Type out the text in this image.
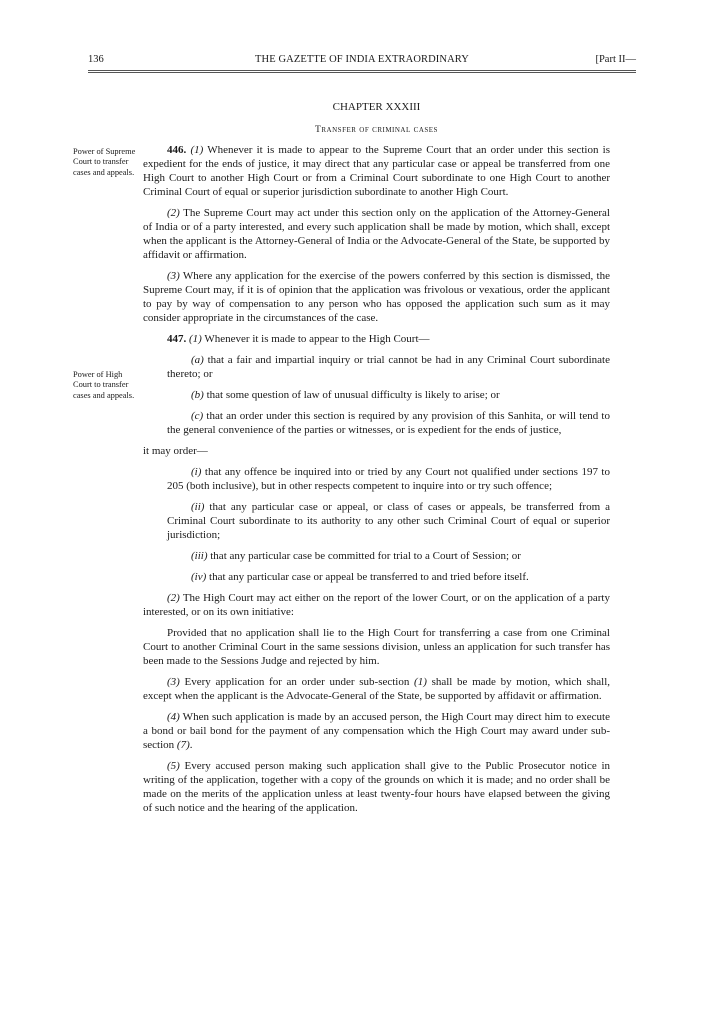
136	THE GAZETTE OF INDIA EXTRAORDINARY	[Part II—
CHAPTER XXXIII
Transfer of criminal cases
Power of Supreme Court to transfer cases and appeals.
Power of High Court to transfer cases and appeals.

446. (1) Whenever it is made to appear to the Supreme Court that an order under this section is expedient for the ends of justice, it may direct that any particular case or appeal be transferred from one High Court to another High Court or from a Criminal Court subordinate to one High Court to another Criminal Court of equal or superior jurisdiction subordinate to another High Court.

(2) The Supreme Court may act under this section only on the application of the Attorney-General of India or of a party interested, and every such application shall be made by motion, which shall, except when the applicant is the Attorney-General of India or the Advocate-General of the State, be supported by affidavit or affirmation.

(3) Where any application for the exercise of the powers conferred by this section is dismissed, the Supreme Court may, if it is of opinion that the application was frivolous or vexatious, order the applicant to pay by way of compensation to any person who has opposed the application such sum as it may consider appropriate in the circumstances of the case.

447. (1) Whenever it is made to appear to the High Court—

(a) that a fair and impartial inquiry or trial cannot be had in any Criminal Court subordinate thereto; or

(b) that some question of law of unusual difficulty is likely to arise; or

(c) that an order under this section is required by any provision of this Sanhita, or will tend to the general convenience of the parties or witnesses, or is expedient for the ends of justice,

it may order—

(i) that any offence be inquired into or tried by any Court not qualified under sections 197 to 205 (both inclusive), but in other respects competent to inquire into or try such offence;

(ii) that any particular case or appeal, or class of cases or appeals, be transferred from a Criminal Court subordinate to its authority to any other such Criminal Court of equal or superior jurisdiction;

(iii) that any particular case be committed for trial to a Court of Session; or

(iv) that any particular case or appeal be transferred to and tried before itself.

(2) The High Court may act either on the report of the lower Court, or on the application of a party interested, or on its own initiative:

Provided that no application shall lie to the High Court for transferring a case from one Criminal Court to another Criminal Court in the same sessions division, unless an application for such transfer has been made to the Sessions Judge and rejected by him.

(3) Every application for an order under sub-section (1) shall be made by motion, which shall, except when the applicant is the Advocate-General of the State, be supported by affidavit or affirmation.

(4) When such application is made by an accused person, the High Court may direct him to execute a bond or bail bond for the payment of any compensation which the High Court may award under sub-section (7).

(5) Every accused person making such application shall give to the Public Prosecutor notice in writing of the application, together with a copy of the grounds on which it is made; and no order shall be made on the merits of the application unless at least twenty-four hours have elapsed between the giving of such notice and the hearing of the application.
